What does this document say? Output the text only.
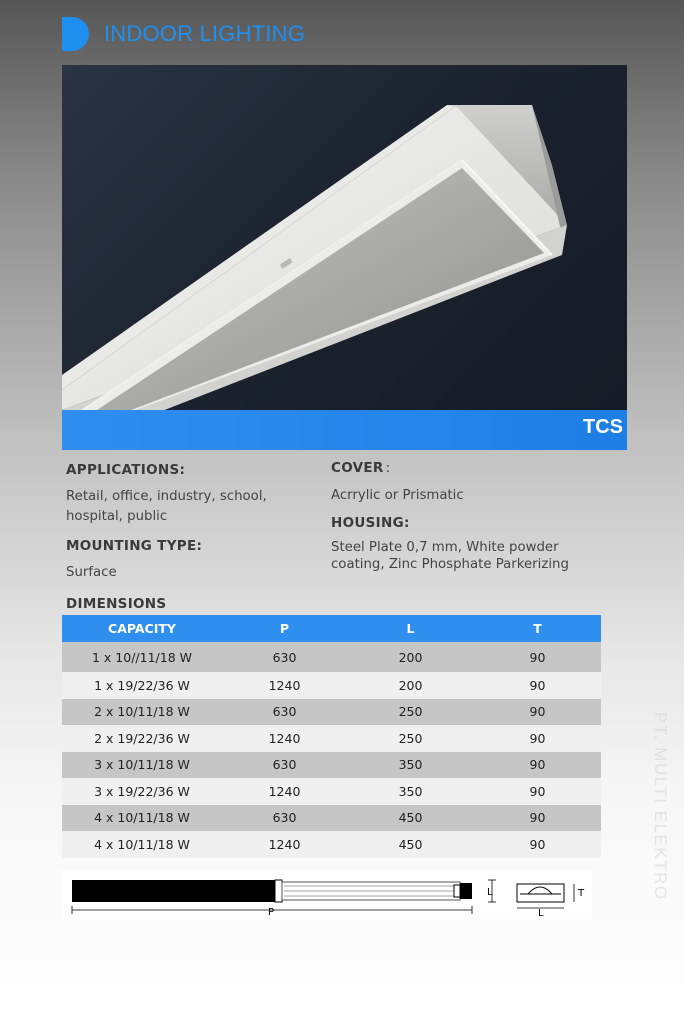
INDOOR LIGHTING
TCS
APPLICATIONS:
Retail, office, industry, school, hospital, public
MOUNTING TYPE:
Surface
COVER :
Acrrylic or Prismatic
HOUSING:
Steel Plate 0,7 mm, White powder coating, Zinc Phosphate Parkerizing
DIMENSIONS
CAPACITY	P	L	T
1 x 10//11/18 W	630	200	90
1 x 19/22/36 W	1240	200	90
2 x 10/11/18 W	630	250	90
2 x 19/22/36 W	1240	250	90
3 x 10/11/18 W	630	350	90
3 x 19/22/36 W	1240	350	90
4 x 10/11/18 W	630	450	90
4 x 10/11/18 W	1240	450	90
P
L
L
T	PT. MULTI ELEKTRO
